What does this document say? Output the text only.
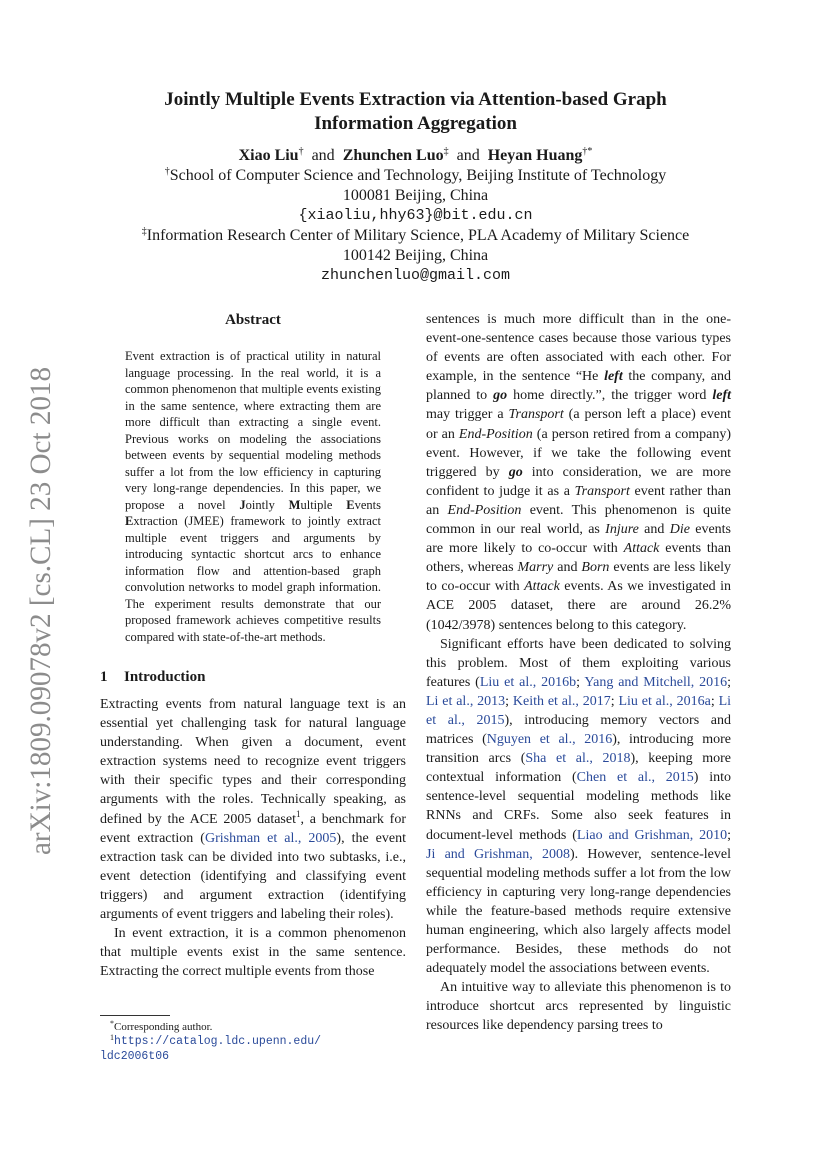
arXiv:1809.09078v2 [cs.CL] 23 Oct 2018
Jointly Multiple Events Extraction via Attention-based Graph
Information Aggregation
Xiao Liu† and Zhunchen Luo‡ and Heyan Huang†*
†School of Computer Science and Technology, Beijing Institute of Technology
100081 Beijing, China
{xiaoliu,hhy63}@bit.edu.cn
‡Information Research Center of Military Science, PLA Academy of Military Science
100142 Beijing, China
zhunchenluo@gmail.com
Abstract
Event extraction is of practical utility in natural language processing. In the real world, it is a common phenomenon that multiple events existing in the same sentence, where extracting them are more difficult than extracting a single event. Previous works on modeling the associations between events by sequential modeling methods suffer a lot from the low efficiency in capturing very long-range dependencies. In this paper, we propose a novel Jointly Multiple Events Extraction (JMEE) framework to jointly extract multiple event triggers and arguments by introducing syntactic shortcut arcs to enhance information flow and attention-based graph convolution networks to model graph information. The experiment results demonstrate that our proposed framework achieves competitive results compared with state-of-the-art methods.
1 Introduction

Extracting events from natural language text is an essential yet challenging task for natural language understanding. When given a document, event extraction systems need to recognize event triggers with their specific types and their corresponding arguments with the roles. Technically speaking, as defined by the ACE 2005 dataset$^1$, a benchmark for event extraction (Grishman et al., 2005), the event extraction task can be divided into two subtasks, i.e., event detection (identifying and classifying event triggers) and argument extraction (identifying arguments of event triggers and labeling their roles).

In event extraction, it is a common phenomenon that multiple events exist in the same sentence. Extracting the correct multiple events from those

*Corresponding author.
$^1$https://catalog.ldc.upenn.edu/
ldc2006t06

sentences is much more difficult than in the one-event-one-sentence cases because those various types of events are often associated with each other. For example, in the sentence “He left the company, and planned to go home directly.”, the trigger word left may trigger a Transport (a person left a place) event or an End-Position (a person retired from a company) event. However, if we take the following event triggered by go into consideration, we are more confident to judge it as a Transport event rather than an End-Position event. This phenomenon is quite common in our real world, as Injure and Die events are more likely to co-occur with Attack events than others, whereas Marry and Born events are less likely to co-occur with Attack events. As we investigated in ACE 2005 dataset, there are around 26.2% (1042/3978) sentences belong to this category.

Significant efforts have been dedicated to solving this problem. Most of them exploiting various features (Liu et al., 2016b; Yang and Mitchell, 2016; Li et al., 2013; Keith et al., 2017; Liu et al., 2016a; Li et al., 2015), introducing memory vectors and matrices (Nguyen et al., 2016), introducing more transition arcs (Sha et al., 2018), keeping more contextual information (Chen et al., 2015) into sentence-level sequential modeling methods like RNNs and CRFs. Some also seek features in document-level methods (Liao and Grishman, 2010; Ji and Grishman, 2008). However, sentence-level sequential modeling methods suffer a lot from the low efficiency in capturing very long-range dependencies while the feature-based methods require extensive human engineering, which also largely affects model performance. Besides, these methods do not adequately model the associations between events.

An intuitive way to alleviate this phenomenon is to introduce shortcut arcs represented by linguistic resources like dependency parsing trees to
